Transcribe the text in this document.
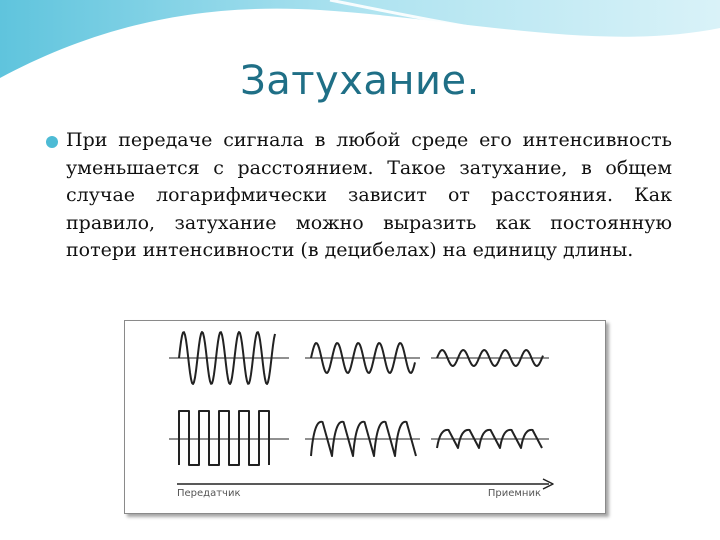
Затухание.
При передаче сигнала в любой среде его интенсивность уменьшается с расстоянием. Такое затухание, в общем случае логарифмически зависит от расстояния. Как правило, затухание можно выразить как постоянную потери интенсивности (в децибелах) на единицу длины.
Передатчик	Приемник
